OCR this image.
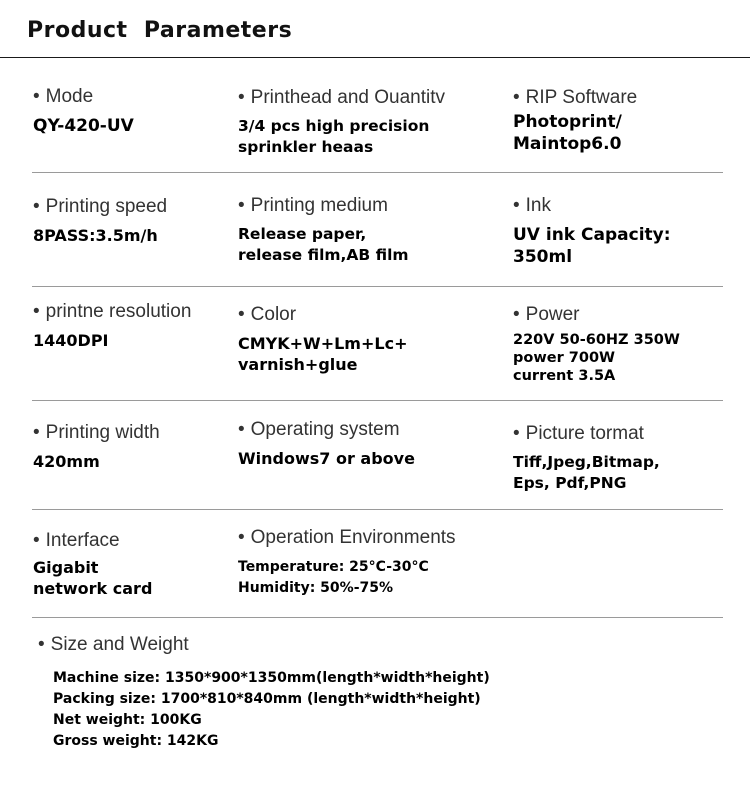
Product  Parameters
• Mode
QY-420-UV
• Printhead and Ouantitv
3/4 pcs high precision
sprinkler heaas
• RIP Software
Photoprint/
Maintop6.0
• Printing speed
8PASS:3.5m/h
• Printing medium
Release paper,
release film,AB film
• Ink
UV ink Capacity:
350ml
• printne resolution
1440DPI
• Color
CMYK+W+Lm+Lc+
varnish+glue
• Power
220V 50-60HZ 350W
power 700W
current 3.5A
• Printing width
420mm
• Operating system
Windows7 or above
• Picture tormat
Tiff,Jpeg,Bitmap,
Eps, Pdf,PNG
• Interface
Gigabit
network card
• Operation Environments
Temperature: 25°C-30°C
Humidity: 50%-75%
• Size and Weight
Machine size: 1350*900*1350mm(length*width*height)
Packing size: 1700*810*840mm (length*width*height)
Net weight: 100KG
Gross weight: 142KG
